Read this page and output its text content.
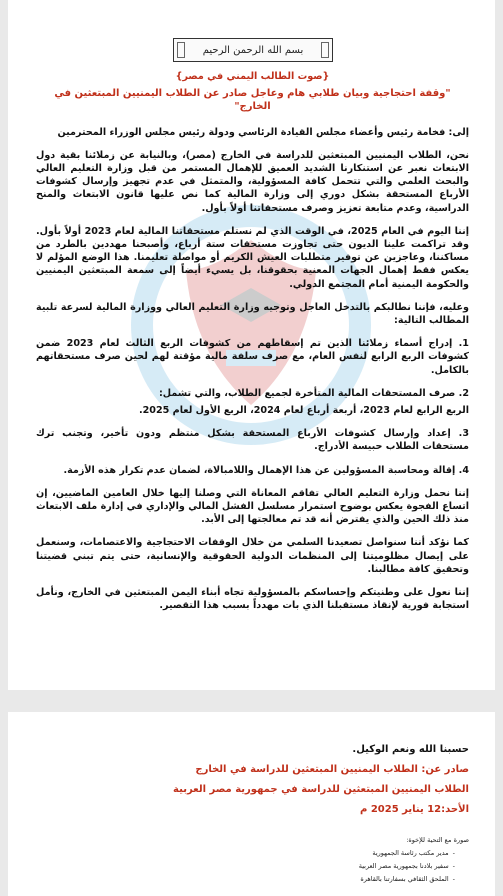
بسم الله الرحمن الرحيم

{صوت الطالب اليمني في مصر}

"وقفة احتجاجية وبيان طلابي هام وعاجل صادر عن الطلاب اليمنيين المبتعثين في الخارج"

إلى: فخامة رئيس وأعضاء مجلس القيادة الرئاسي ودولة رئيس مجلس الوزراء المحترمين

نحن، الطلاب اليمنيين المبتعثين للدراسة في الخارج (مصر)، وبالنيابة عن زملائنا بقية دول الابتعاث نعبر عن استنكارنا الشديد العميق للإهمال المستمر من قبل وزارة التعليم العالي والبحث العلمي والتي تتحمل كافة المسؤولية، والمتمثل في عدم تجهيز وإرسال كشوفات الأرباع المستحقة بشكل دوري إلى وزارة المالية كما نص عليها قانون الابتعاث والمنح الدراسية، وعدم متابعة تعزيز وصرف مستحقاتنا أولاً بأول.

إننا اليوم في العام 2025، في الوقت الذي لم نستلم مستحقاتنا المالية لعام 2023 أولاً بأول. وقد تراكمت علينا الديون حتى تجاوزت مستحقات ستة أرباع، وأصبحنا مهددين بالطرد من مساكننا، وعاجزين عن توفير متطلبات العيش الكريم أو مواصلة تعليمنا. هذا الوضع المؤلم لا يعكس فقط إهمال الجهات المعنية بحقوقنا، بل يسيء أيضاً إلى سمعة المبتعثين اليمنيين والحكومة اليمنية أمام المجتمع الدولي.

وعليه، فإننا نطالبكم بالتدخل العاجل وتوجيه وزارة التعليم العالي ووزارة المالية لسرعة تلبية المطالب التالية:

1. إدراج أسماء زملائنا الذين تم إسقاطهم من كشوفات الربع الثالث لعام 2023 ضمن كشوفات الربع الرابع لنفس العام، مع صرف سلفة مالية مؤقتة لهم لحين صرف مستحقاتهم بالكامل.

2. صرف المستحقات المالية المتأخرة لجميع الطلاب، والتي تشمل:

الربع الرابع لعام 2023، أربعة أرباع لعام 2024، الربع الأول لعام 2025.

3. إعداد وإرسال كشوفات الأرباع المستحقة بشكل منتظم ودون تأخير، وتجنب ترك مستحقات الطلاب حبيسة الأدراج.

4. إقالة ومحاسبة المسؤولين عن هذا الإهمال واللامبالاة، لضمان عدم تكرار هذه الأزمة.

إننا نحمل وزارة التعليم العالي تفاقم المعاناة التي وصلنا إليها خلال العامين الماضيين، إن اتساع الفجوة يعكس بوضوح استمرار مسلسل الفشل المالي والإداري في إدارة ملف الابتعاث منذ ذلك الحين والذي يفترض أنه قد تم معالجتها إلى الأبد.

كما نؤكد أننا سنواصل تصعيدنا السلمي من خلال الوقفات الاحتجاجية والاعتصامات، وسنعمل على إيصال مظلوميتنا إلى المنظمات الدولية الحقوقية والإنسانية، حتى يتم تبني قضيتنا وتحقيق كافة مطالبنا.

إننا نعول على وطنيتكم وإحساسكم بالمسؤولية تجاه أبناء اليمن المبتعثين في الخارج، ونأمل استجابة فورية لإنقاذ مستقبلنا الذي بات مهدداً بسبب هذا التقصير.

حسبنا الله ونعم الوكيل.
صادر عن: الطلاب اليمنيين المبتعثين للدراسة في الخارج
الطلاب اليمنيين المبتعثين للدراسة في جمهورية مصر العربية
الأحد:12 يناير 2025 م
صورة مع التحية للإخوة:
- مدير مكتب رئاسة الجمهورية
- سفير بلادنا بجمهورية مصر العربية
- الملحق الثقافي بسفارتنا بالقاهرة
